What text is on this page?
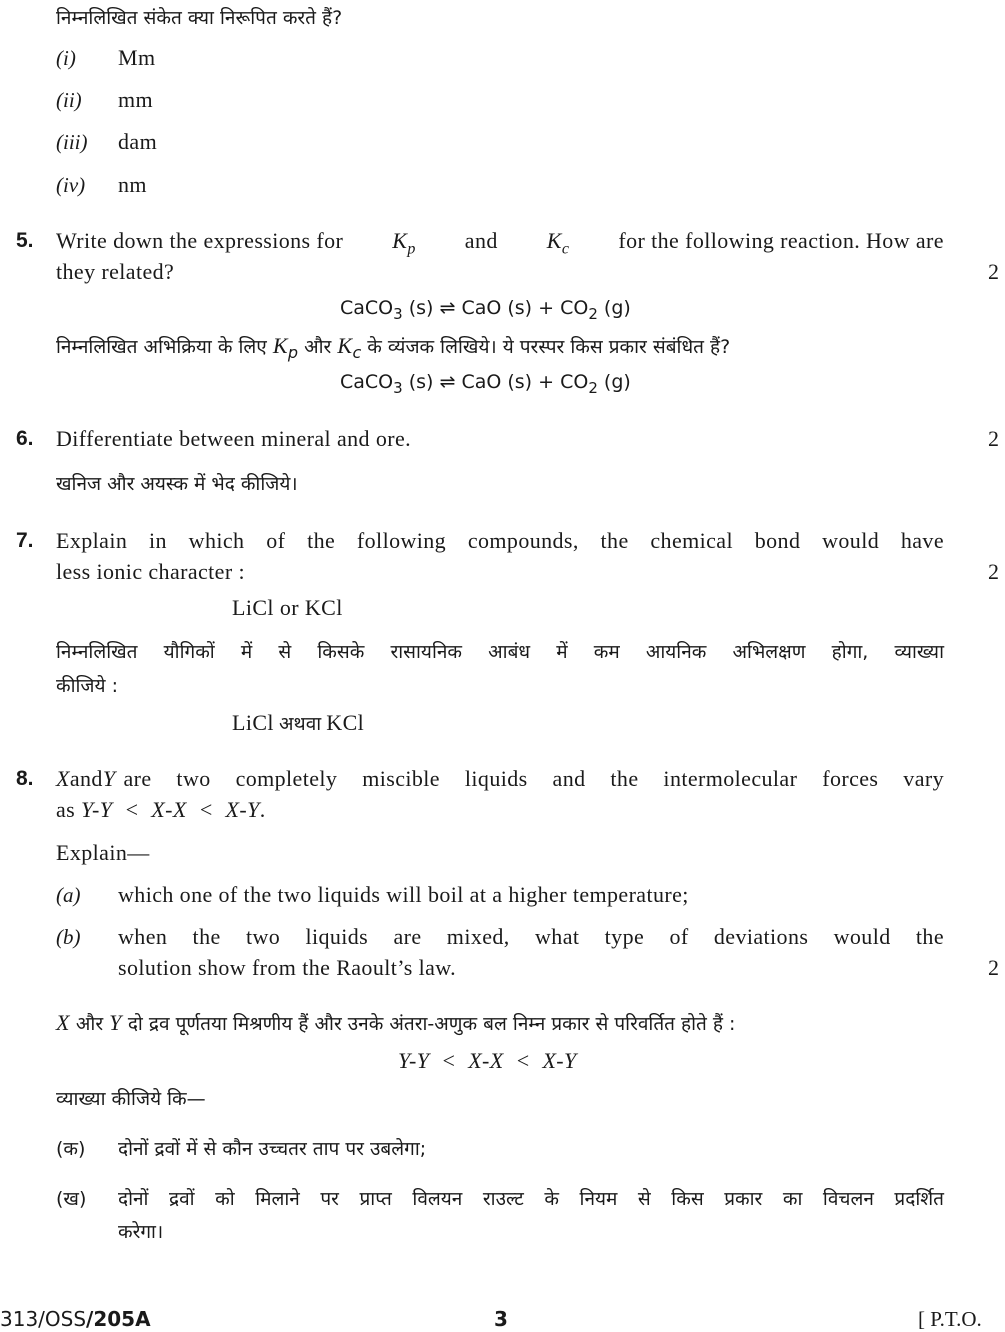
निम्नलिखित संकेत क्या निरूपित करते हैं?
(i) Mm
(ii) mm
(iii) dam
(iv) nm
5. Write down the expressions for $K_p$ and $K_c$ for the following reaction. How are
they related?	2
CaCO$_3$ (s) ⇌ CaO $(s) + CO_2$ (g)
निम्नलिखित अभिक्रिया के लिए $K_p$ और $K_c$ के व्यंजक लिखिये। ये परस्पर किस प्रकार संबंधित हैं?
CaCO$_3$ (s) ⇌ CaO $(s) + CO_2$ (g)
6. Differentiate between mineral and ore.	2
खनिज और अयस्क में भेद कीजिये।
7. Explain in which of the following compounds, the chemical bond would have
less ionic character :	2
LiCl or KCl
निम्नलिखित यौगिकों में से किसके रासायनिक आबंध में कम आयनिक अभिलक्षण होगा, व्याख्या
कीजिये :
LiCl अथवा KCl
8. X and Y are two completely miscible liquids and the intermolecular forces vary
as Y-Y  <  X-X  <  X-Y.
Explain—
(a) which one of the two liquids will boil at a higher temperature;
(b) when the two liquids are mixed, what type of deviations would the
solution show from the Raoult’s law.	2
X और Y दो द्रव पूर्णतया मिश्रणीय हैं और उनके अंतरा-अणुक बल निम्न प्रकार से परिवर्तित होते हैं :
Y-Y  <  X-X  <  X-Y
व्याख्या कीजिये कि—
(क) दोनों द्रवों में से कौन उच्चतर ताप पर उबलेगा;
(ख) दोनों द्रवों को मिलाने पर प्राप्त विलयन राउल्ट के नियम से किस प्रकार का विचलन प्रदर्शित
करेगा।
313/OSS/205A	3	[ P.T.O.
